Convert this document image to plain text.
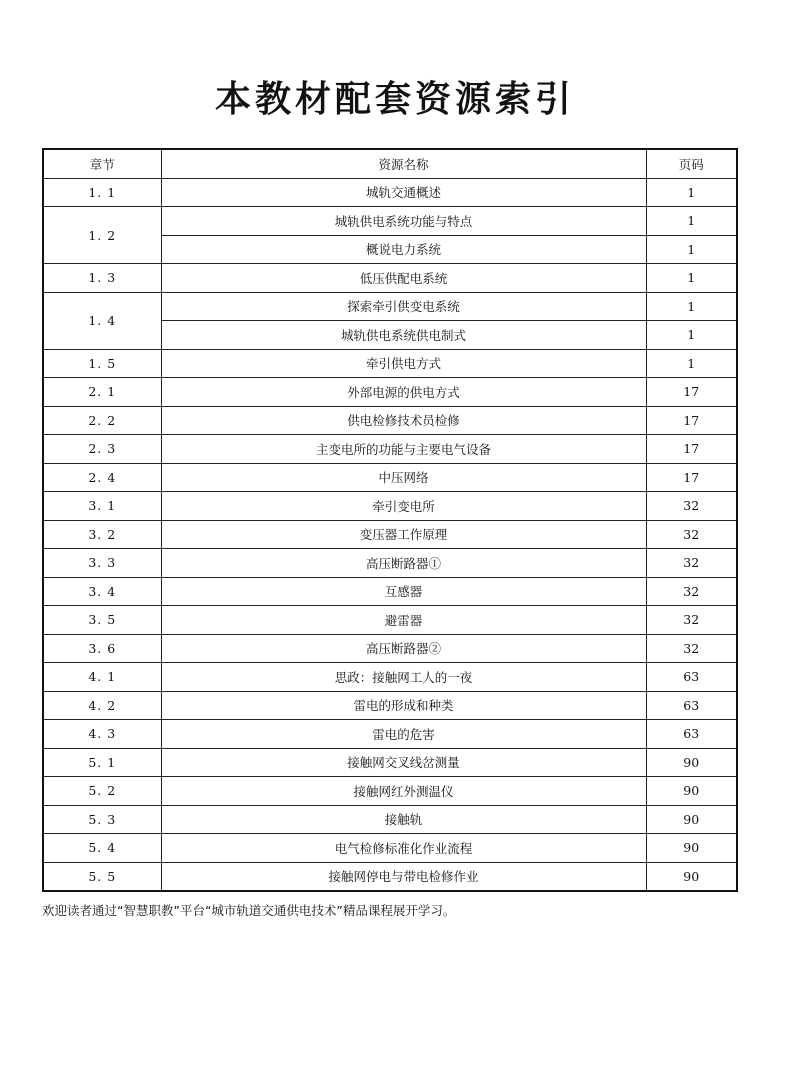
本教材配套资源索引
章节	资源名称	页码
1. 1	城轨交通概述	1
1. 2	城轨供电系统功能与特点	1
	概说电力系统	1
1. 3	低压供配电系统	1
1. 4	探索牵引供变电系统	1
	城轨供电系统供电制式	1
1. 5	牵引供电方式	1
2. 1	外部电源的供电方式	17
2. 2	供电检修技术员检修	17
2. 3	主变电所的功能与主要电气设备	17
2. 4	中压网络	17
3. 1	牵引变电所	32
3. 2	变压器工作原理	32
3. 3	高压断路器①	32
3. 4	互感器	32
3. 5	避雷器	32
3. 6	高压断路器②	32
4. 1	思政：接触网工人的一夜	63
4. 2	雷电的形成和种类	63
4. 3	雷电的危害	63
5. 1	接触网交叉线岔测量	90
5. 2	接触网红外测温仪	90
5. 3	接触轨	90
5. 4	电气检修标准化作业流程	90
5. 5	接触网停电与带电检修作业	90
欢迎读者通过“智慧职教”平台“城市轨道交通供电技术”精品课程展开学习。
